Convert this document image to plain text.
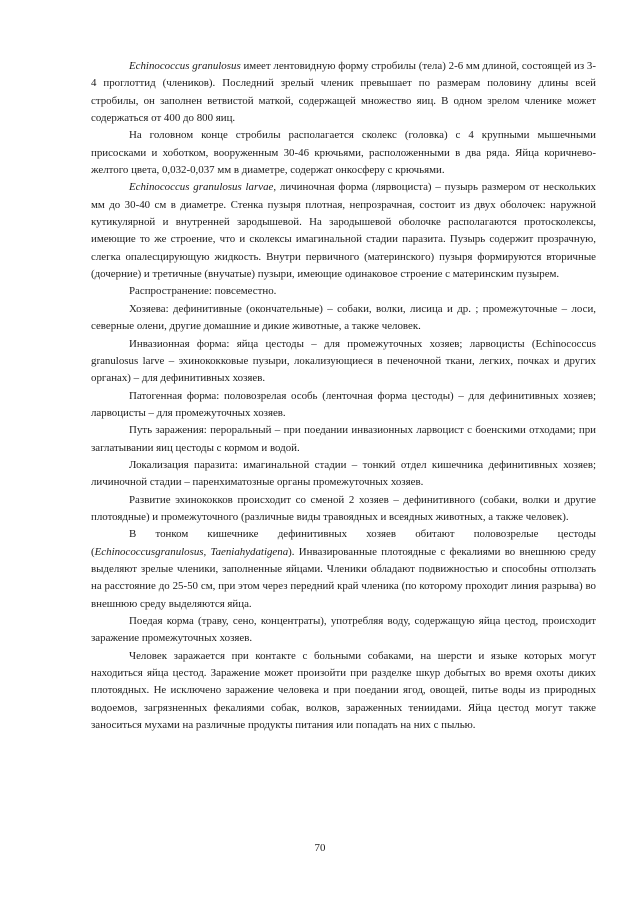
Echinococcus granulosus имеет лентовидную форму стробилы (тела) 2-6 мм длиной, состоящей из 3-4 проглоттид (члеников). Последний зрелый членик превышает по размерам половину длины всей стробилы, он заполнен ветвистой маткой, содержащей множество яиц. В одном зрелом членике может содержаться от 400 до 800 яиц.

На головном конце стробилы располагается сколекс (головка) с 4 крупными мышечными присосками и хоботком, вооруженным 30-46 крючьями, расположенными в два ряда. Яйца коричнево-желтого цвета, 0,032-0,037 мм в диаметре, содержат онкосферу с крючьями.

Echinococcus granulosus larvae, личиночная форма (лярвоциста) – пузырь размером от нескольких мм до 30-40 см в диаметре. Стенка пузыря плотная, непрозрачная, состоит из двух оболочек: наружной кутикулярной и внутренней зародышевой. На зародышевой оболочке располагаются протосколексы, имеющие то же строение, что и сколексы имагинальной стадии паразита. Пузырь содержит прозрачную, слегка опалесцирующую жидкость. Внутри первичного (материнского) пузыря формируются вторичные (дочерние) и третичные (внучатые) пузыри, имеющие одинаковое строение с материнским пузырем.

Распространение: повсеместно.

Хозяева: дефинитивные (окончательные) – собаки, волки, лисица и др. ; промежуточные – лоси, северные олени, другие домашние и дикие животные, а также человек.

Инвазионная форма: яйца цестоды – для промежуточных хозяев; ларвоцисты (Echinococcus granulosus larve – эхинококковые пузыри, локализующиеся в печеночной ткани, легких, почках и других органах) – для дефинитивных хозяев.

Патогенная форма: половозрелая особь (ленточная форма цестоды) – для дефинитивных хозяев; ларвоцисты – для промежуточных хозяев.

Путь заражения: пероральный – при поедании инвазионных ларвоцист с боенскими отходами; при заглатывании яиц цестоды с кормом и водой.

Локализация паразита: имагинальной стадии – тонкий отдел кишечника дефинитивных хозяев; личиночной стадии – паренхиматозные органы промежуточных хозяев.

Развитие эхинококков происходит со сменой 2 хозяев – дефинитивного (собаки, волки и другие плотоядные) и промежуточного (различные виды травоядных и всеядных животных, а также человек).

В тонком кишечнике дефинитивных хозяев обитают половозрелые цестоды (Echinococcusgranulosus, Taeniahydatigena). Инвазированные плотоядные с фекалиями во внешнюю среду выделяют зрелые членики, заполненные яйцами. Членики обладают подвижностью и способны отползать на расстояние до 25-50 см, при этом через передний край членика (по которому проходит линия разрыва) во внешнюю среду выделяются яйца.

Поедая корма (траву, сено, концентраты), употребляя воду, содержащую яйца цестод, происходит заражение промежуточных хозяев.

Человек заражается при контакте с больными собаками, на шерсти и языке которых могут находиться яйца цестод. Заражение может произойти при разделке шкур добытых во время охоты диких плотоядных. Не исключено заражение человека и при поедании ягод, овощей, питье воды из природных водоемов, загрязненных фекалиями собак, волков, зараженных тениидами. Яйца цестод могут также заноситься мухами на различные продукты питания или попадать на них с пылью.

70
